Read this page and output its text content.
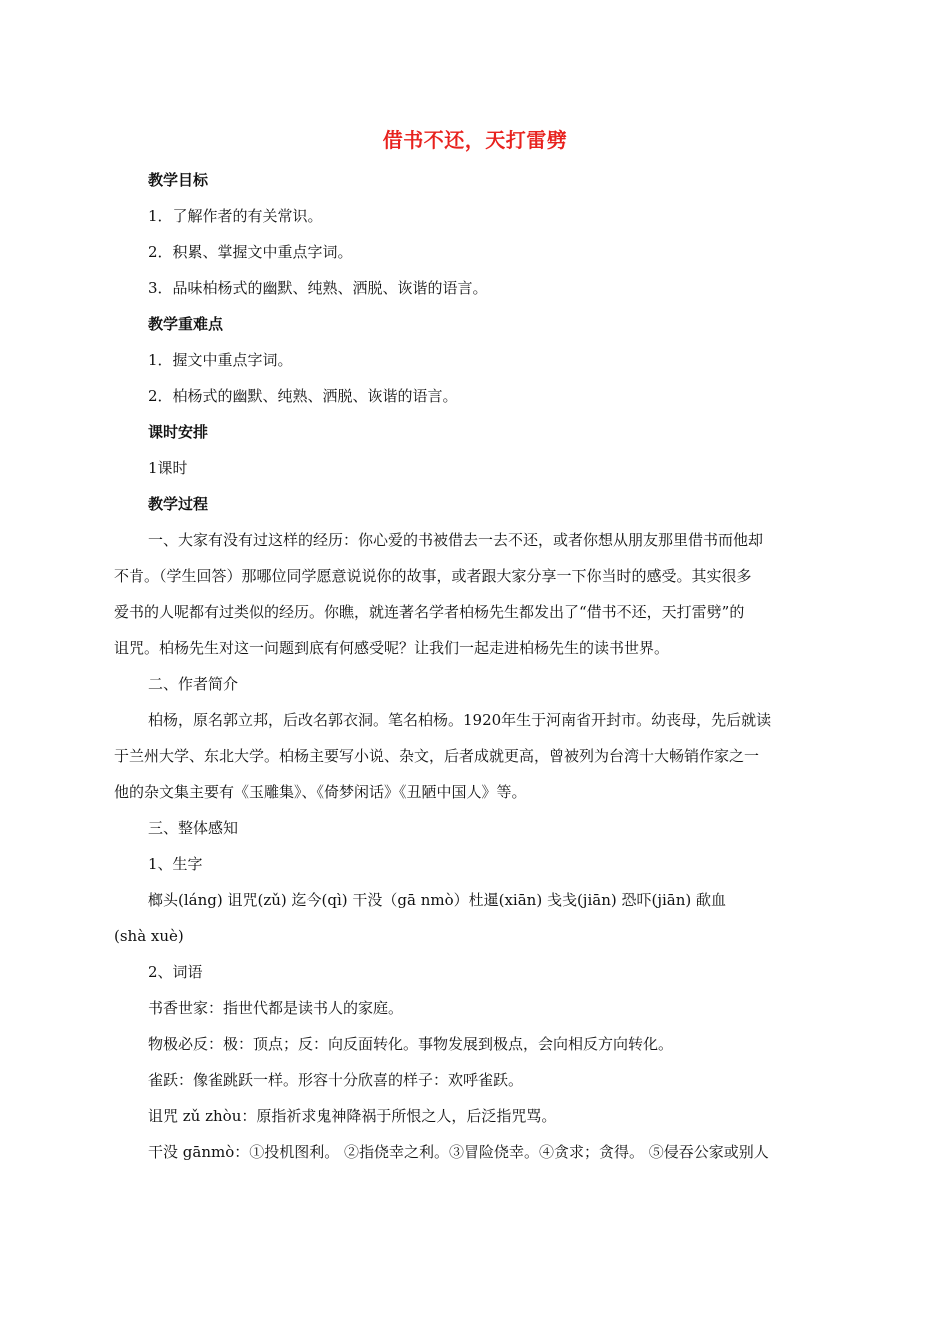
借书不还，天打雷劈
教学目标
1．了解作者的有关常识。
2．积累、掌握文中重点字词。
3．品味柏杨式的幽默、纯熟、洒脱、诙谐的语言。
教学重难点
1．握文中重点字词。
2．柏杨式的幽默、纯熟、洒脱、诙谐的语言。
课时安排
1课时
教学过程
一、大家有没有过这样的经历：你心爱的书被借去一去不还，或者你想从朋友那里借书而他却
不肯。（学生回答）那哪位同学愿意说说你的故事，或者跟大家分享一下你当时的感受。其实很多
爱书的人呢都有过类似的经历。你瞧，就连著名学者柏杨先生都发出了“借书不还，天打雷劈”的
诅咒。柏杨先生对这一问题到底有何感受呢？让我们一起走进柏杨先生的读书世界。
二、作者简介
柏杨，原名郭立邦，后改名郭衣洞。笔名柏杨。1920年生于河南省开封市。幼丧母，先后就读
于兰州大学、东北大学。柏杨主要写小说、杂文，后者成就更高，曾被列为台湾十大畅销作家之一
他的杂文集主要有《玉雕集》、《倚梦闲话》《丑陋中国人》等。
三、整体感知
1、生字
榔头(láng) 诅咒(zǔ) 迄今(qì) 干没（gā nmò）杜暹(xiān) 戋戋(jiān) 恐吓(jiān) 歃血
(shà xuè)
2、词语
书香世家：指世代都是读书人的家庭。
物极必反：极：顶点；反：向反面转化。事物发展到极点，会向相反方向转化。
雀跃：像雀跳跃一样。形容十分欣喜的样子：欢呼雀跃。
诅咒 zǔ zhòu：原指祈求鬼神降祸于所恨之人，后泛指咒骂。
干没 gānmò：①投机图利。 ②指侥幸之利。③冒险侥幸。④贪求；贪得。 ⑤侵吞公家或别人
